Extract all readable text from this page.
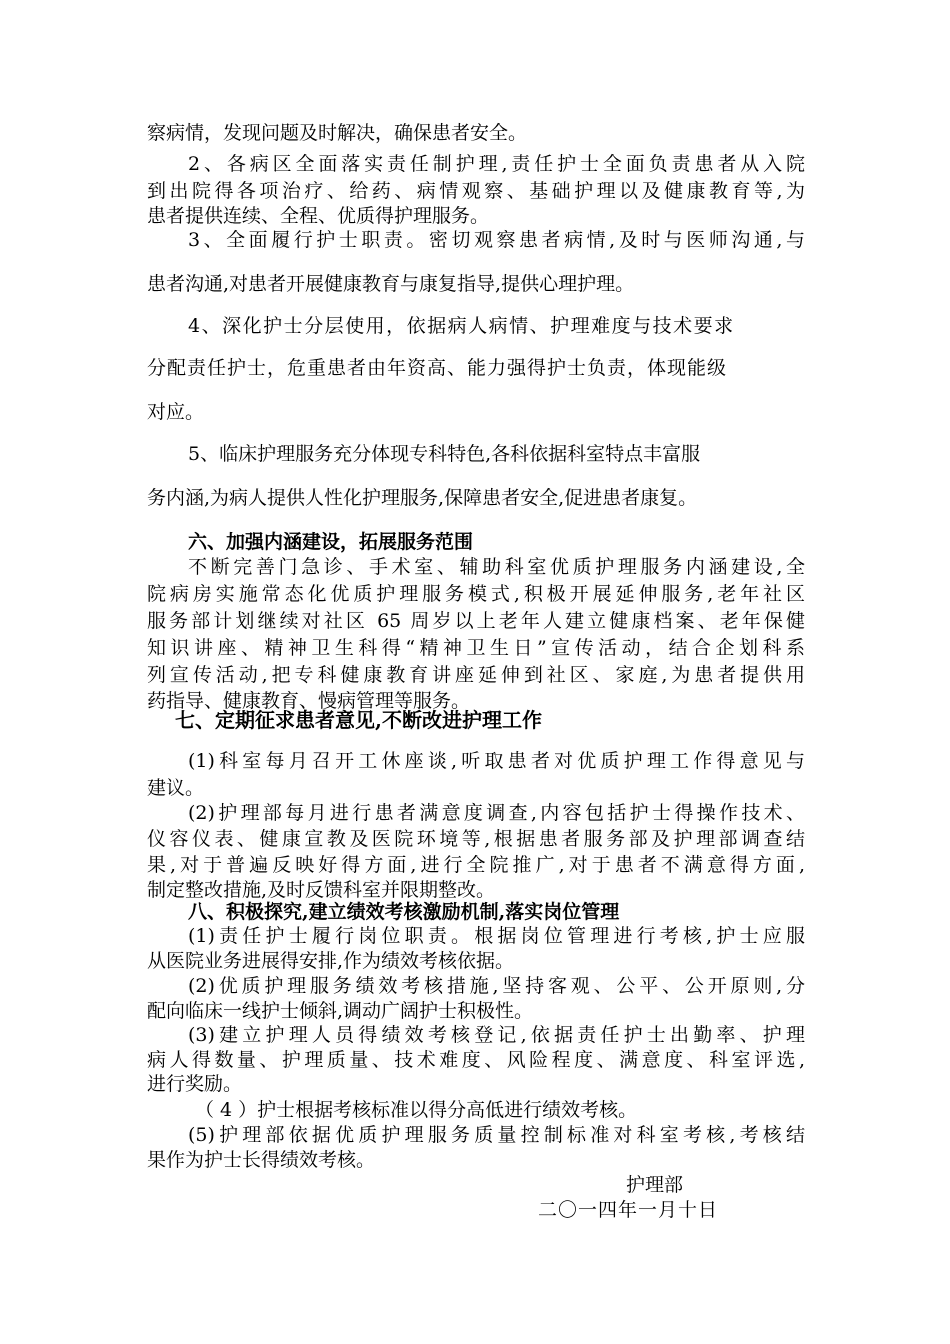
察病情，发现问题及时解决，确保患者安全。
2、各病区全面落实责任制护理,责任护士全面负责患者从入院
到出院得各项治疗、给药、病情观察、基础护理以及健康教育等,为
患者提供连续、全程、优质得护理服务。
3、全面履行护士职责。密切观察患者病情,及时与医师沟通,与
患者沟通,对患者开展健康教育与康复指导,提供心理护理。
4、深化护士分层使用，依据病人病情、护理难度与技术要求
分配责任护士，危重患者由年资高、能力强得护士负责，体现能级
对应。
5、临床护理服务充分体现专科特色,各科依据科室特点丰富服
务内涵,为病人提供人性化护理服务,保障患者安全,促进患者康复。
六、加强内涵建设，拓展服务范围
不断完善门急诊、手术室、辅助科室优质护理服务内涵建设,全
院病房实施常态化优质护理服务模式,积极开展延伸服务,老年社区
服务部计划继续对社区 65 周岁以上老年人建立健康档案、老年保健
知识讲座、精神卫生科得“精神卫生日”宣传活动，结合企划科系
列宣传活动,把专科健康教育讲座延伸到社区、家庭,为患者提供用
药指导、健康教育、慢病管理等服务。
七、定期征求患者意见,不断改进护理工作
(1)科室每月召开工休座谈,听取患者对优质护理工作得意见与
建议。
(2)护理部每月进行患者满意度调查,内容包括护士得操作技术、
仪容仪表、健康宣教及医院环境等,根据患者服务部及护理部调查结
果,对于普遍反映好得方面,进行全院推广,对于患者不满意得方面,
制定整改措施,及时反馈科室并限期整改。
八、积极探究,建立绩效考核激励机制,落实岗位管理
(1)责任护士履行岗位职责。根据岗位管理进行考核,护士应服
从医院业务进展得安排,作为绩效考核依据。
(2)优质护理服务绩效考核措施,坚持客观、公平、公开原则,分
配向临床一线护士倾斜,调动广阔护士积极性。
(3)建立护理人员得绩效考核登记,依据责任护士出勤率、护理
病人得数量、护理质量、技术难度、风险程度、满意度、科室评选,
进行奖励。
（ 4 ）护士根据考核标准以得分高低进行绩效考核。
(5)护理部依据优质护理服务质量控制标准对科室考核,考核结
果作为护士长得绩效考核。
护理部
二〇一四年一月十日
